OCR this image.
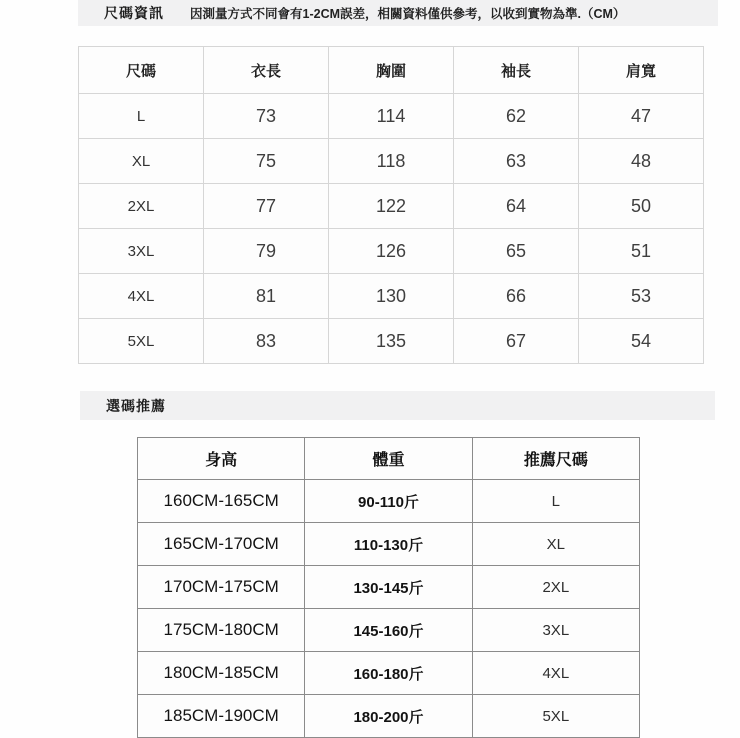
尺碼資訊 因測量方式不同會有1-2CM誤差，相關資料僅供參考，以收到實物為準.（CM）
尺碼	衣長	胸圍	袖長	肩寬
L	73	114	62	47
XL	75	118	63	48
2XL	77	122	64	50
3XL	79	126	65	51
4XL	81	130	66	53
5XL	83	135	67	54
選碼推薦
身高	體重	推薦尺碼
160CM-165CM	90-110斤	L
165CM-170CM	110-130斤	XL
170CM-175CM	130-145斤	2XL
175CM-180CM	145-160斤	3XL
180CM-185CM	160-180斤	4XL
185CM-190CM	180-200斤	5XL
